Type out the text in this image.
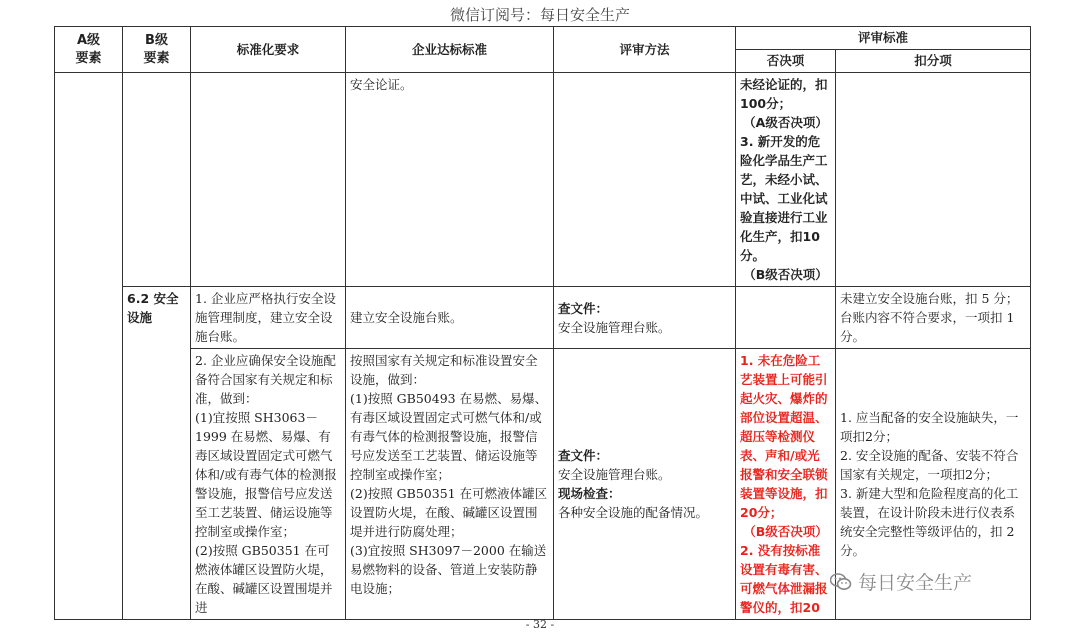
微信订阅号：每日安全生产
A级
要素	B级
要素	标准化要求	企业达标标准	评审方法	评审标准	
					否决项	扣分项
			安全论证。		未经论证的，扣100分；
（A级否决项）
3. 新开发的危险化学品生产工艺，未经小试、中试、工业化试验直接进行工业化生产，扣10分。
（B级否决项）	

	6.2 安全设施	1. 企业应严格执行安全设施管理制度，建立安全设施台账。	建立安全设施台账。	查文件：
安全设施管理台账。		未建立安全设施台账，扣 5 分；台账内容不符合要求，一项扣 1 分。

		2. 企业应确保安全设施配备符合国家有关规定和标准，做到：
(1)宜按照 SH3063－1999 在易燃、易爆、有毒区域设置固定式可燃气体和/或有毒气体的检测报警设施，报警信号应发送至工艺装置、储运设施等控制室或操作室；
(2)按照 GB50351 在可燃液体罐区设置防火堤，在酸、碱罐区设置围堤并进	按照国家有关规定和标准设置安全设施，做到：
(1)按照 GB50493 在易燃、易爆、有毒区域设置固定式可燃气体和/或有毒气体的检测报警设施，报警信号应发送至工艺装置、储运设施等控制室或操作室；
(2)按照 GB50351 在可燃液体罐区设置防火堤，在酸、碱罐区设置围堤并进行防腐处理；
(3)宜按照 SH3097－2000 在输送易燃物料的设备、管道上安装防静电设施；	查文件：
安全设施管理台账。
现场检查：
各种安全设施的配备情况。	1. 未在危险工艺装置上可能引起火灾、爆炸的部位设置超温、超压等检测仪表、声和/或光报警和安全联锁装置等设施，扣20分；
（B级否决项）
2. 没有按标准设置有毒有害、可燃气体泄漏报警仪的，扣20	1. 应当配备的安全设施缺失，一项扣2分；
2. 安全设施的配备、安装不符合国家有关规定，一项扣2分；
3. 新建大型和危险程度高的化工装置，在设计阶段未进行仪表系统安全完整性等级评估的，扣 2 分。
每日安全生产
- 32 -
